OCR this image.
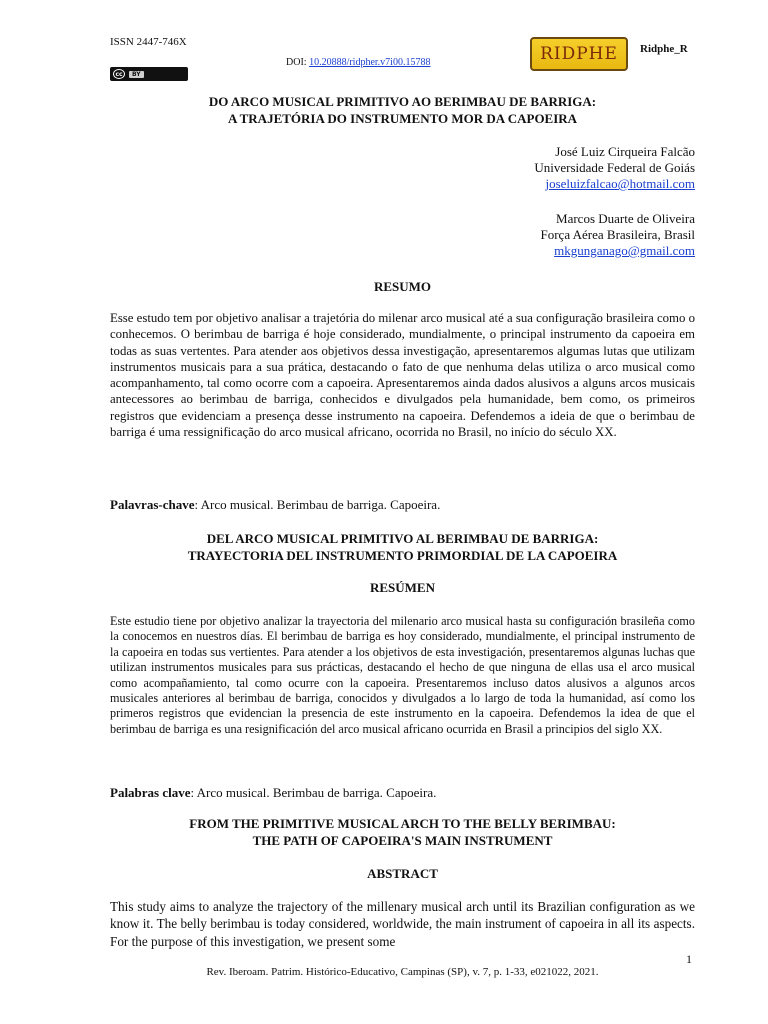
ISSN 2447-746X
DOI: 10.20888/ridpher.v7i00.15788
cc	BY
RIDPHE	Ridphe_R
DO ARCO MUSICAL PRIMITIVO AO BERIMBAU DE BARRIGA:
A TRAJETÓRIA DO INSTRUMENTO MOR DA CAPOEIRA
José Luiz Cirqueira Falcão
Universidade Federal de Goiás
joseluizfalcao@hotmail.com
Marcos Duarte de Oliveira
Força Aérea Brasileira, Brasil
mkgunganago@gmail.com
RESUMO
Esse estudo tem por objetivo analisar a trajetória do milenar arco musical até a sua configuração brasileira como o conhecemos. O berimbau de barriga é hoje considerado, mundialmente, o principal instrumento da capoeira em todas as suas vertentes. Para atender aos objetivos dessa investigação, apresentaremos algumas lutas que utilizam instrumentos musicais para a sua prática, destacando o fato de que nenhuma delas utiliza o arco musical como acompanhamento, tal como ocorre com a capoeira. Apresentaremos ainda dados alusivos a alguns arcos musicais antecessores ao berimbau de barriga, conhecidos e divulgados pela humanidade, bem como, os primeiros registros que evidenciam a presença desse instrumento na capoeira. Defendemos a ideia de que o berimbau de barriga é uma ressignificação do arco musical africano, ocorrida no Brasil, no início do século XX.
Palavras-chave: Arco musical. Berimbau de barriga. Capoeira.
DEL ARCO MUSICAL PRIMITIVO AL BERIMBAU DE BARRIGA:
TRAYECTORIA DEL INSTRUMENTO PRIMORDIAL DE LA CAPOEIRA
RESÚMEN
Este estudio tiene por objetivo analizar la trayectoria del milenario arco musical hasta su configuración brasileña como la conocemos en nuestros días. El berimbau de barriga es hoy considerado, mundialmente, el principal instrumento de la capoeira en todas sus vertientes. Para atender a los objetivos de esta investigación, presentaremos algunas luchas que utilizan instrumentos musicales para sus prácticas, destacando el hecho de que ninguna de ellas usa el arco musical como acompañamiento, tal como ocurre con la capoeira. Presentaremos incluso datos alusivos a algunos arcos musicales anteriores al berimbau de barriga, conocidos y divulgados a lo largo de toda la humanidad, así como los primeros registros que evidencian la presencia de este instrumento en la capoeira. Defendemos la idea de que el berimbau de barriga es una resignificación del arco musical africano ocurrida en Brasil a principios del siglo XX.
Palabras clave: Arco musical. Berimbau de barriga. Capoeira.
FROM THE PRIMITIVE MUSICAL ARCH TO THE BELLY BERIMBAU:
THE PATH OF CAPOEIRA'S MAIN INSTRUMENT
ABSTRACT
This study aims to analyze the trajectory of the millenary musical arch until its Brazilian configuration as we know it. The belly berimbau is today considered, worldwide, the main instrument of capoeira in all its aspects. For the purpose of this investigation, we present some
1
Rev. Iberoam. Patrim. Histórico-Educativo, Campinas (SP), v. 7, p. 1-33, e021022, 2021.
